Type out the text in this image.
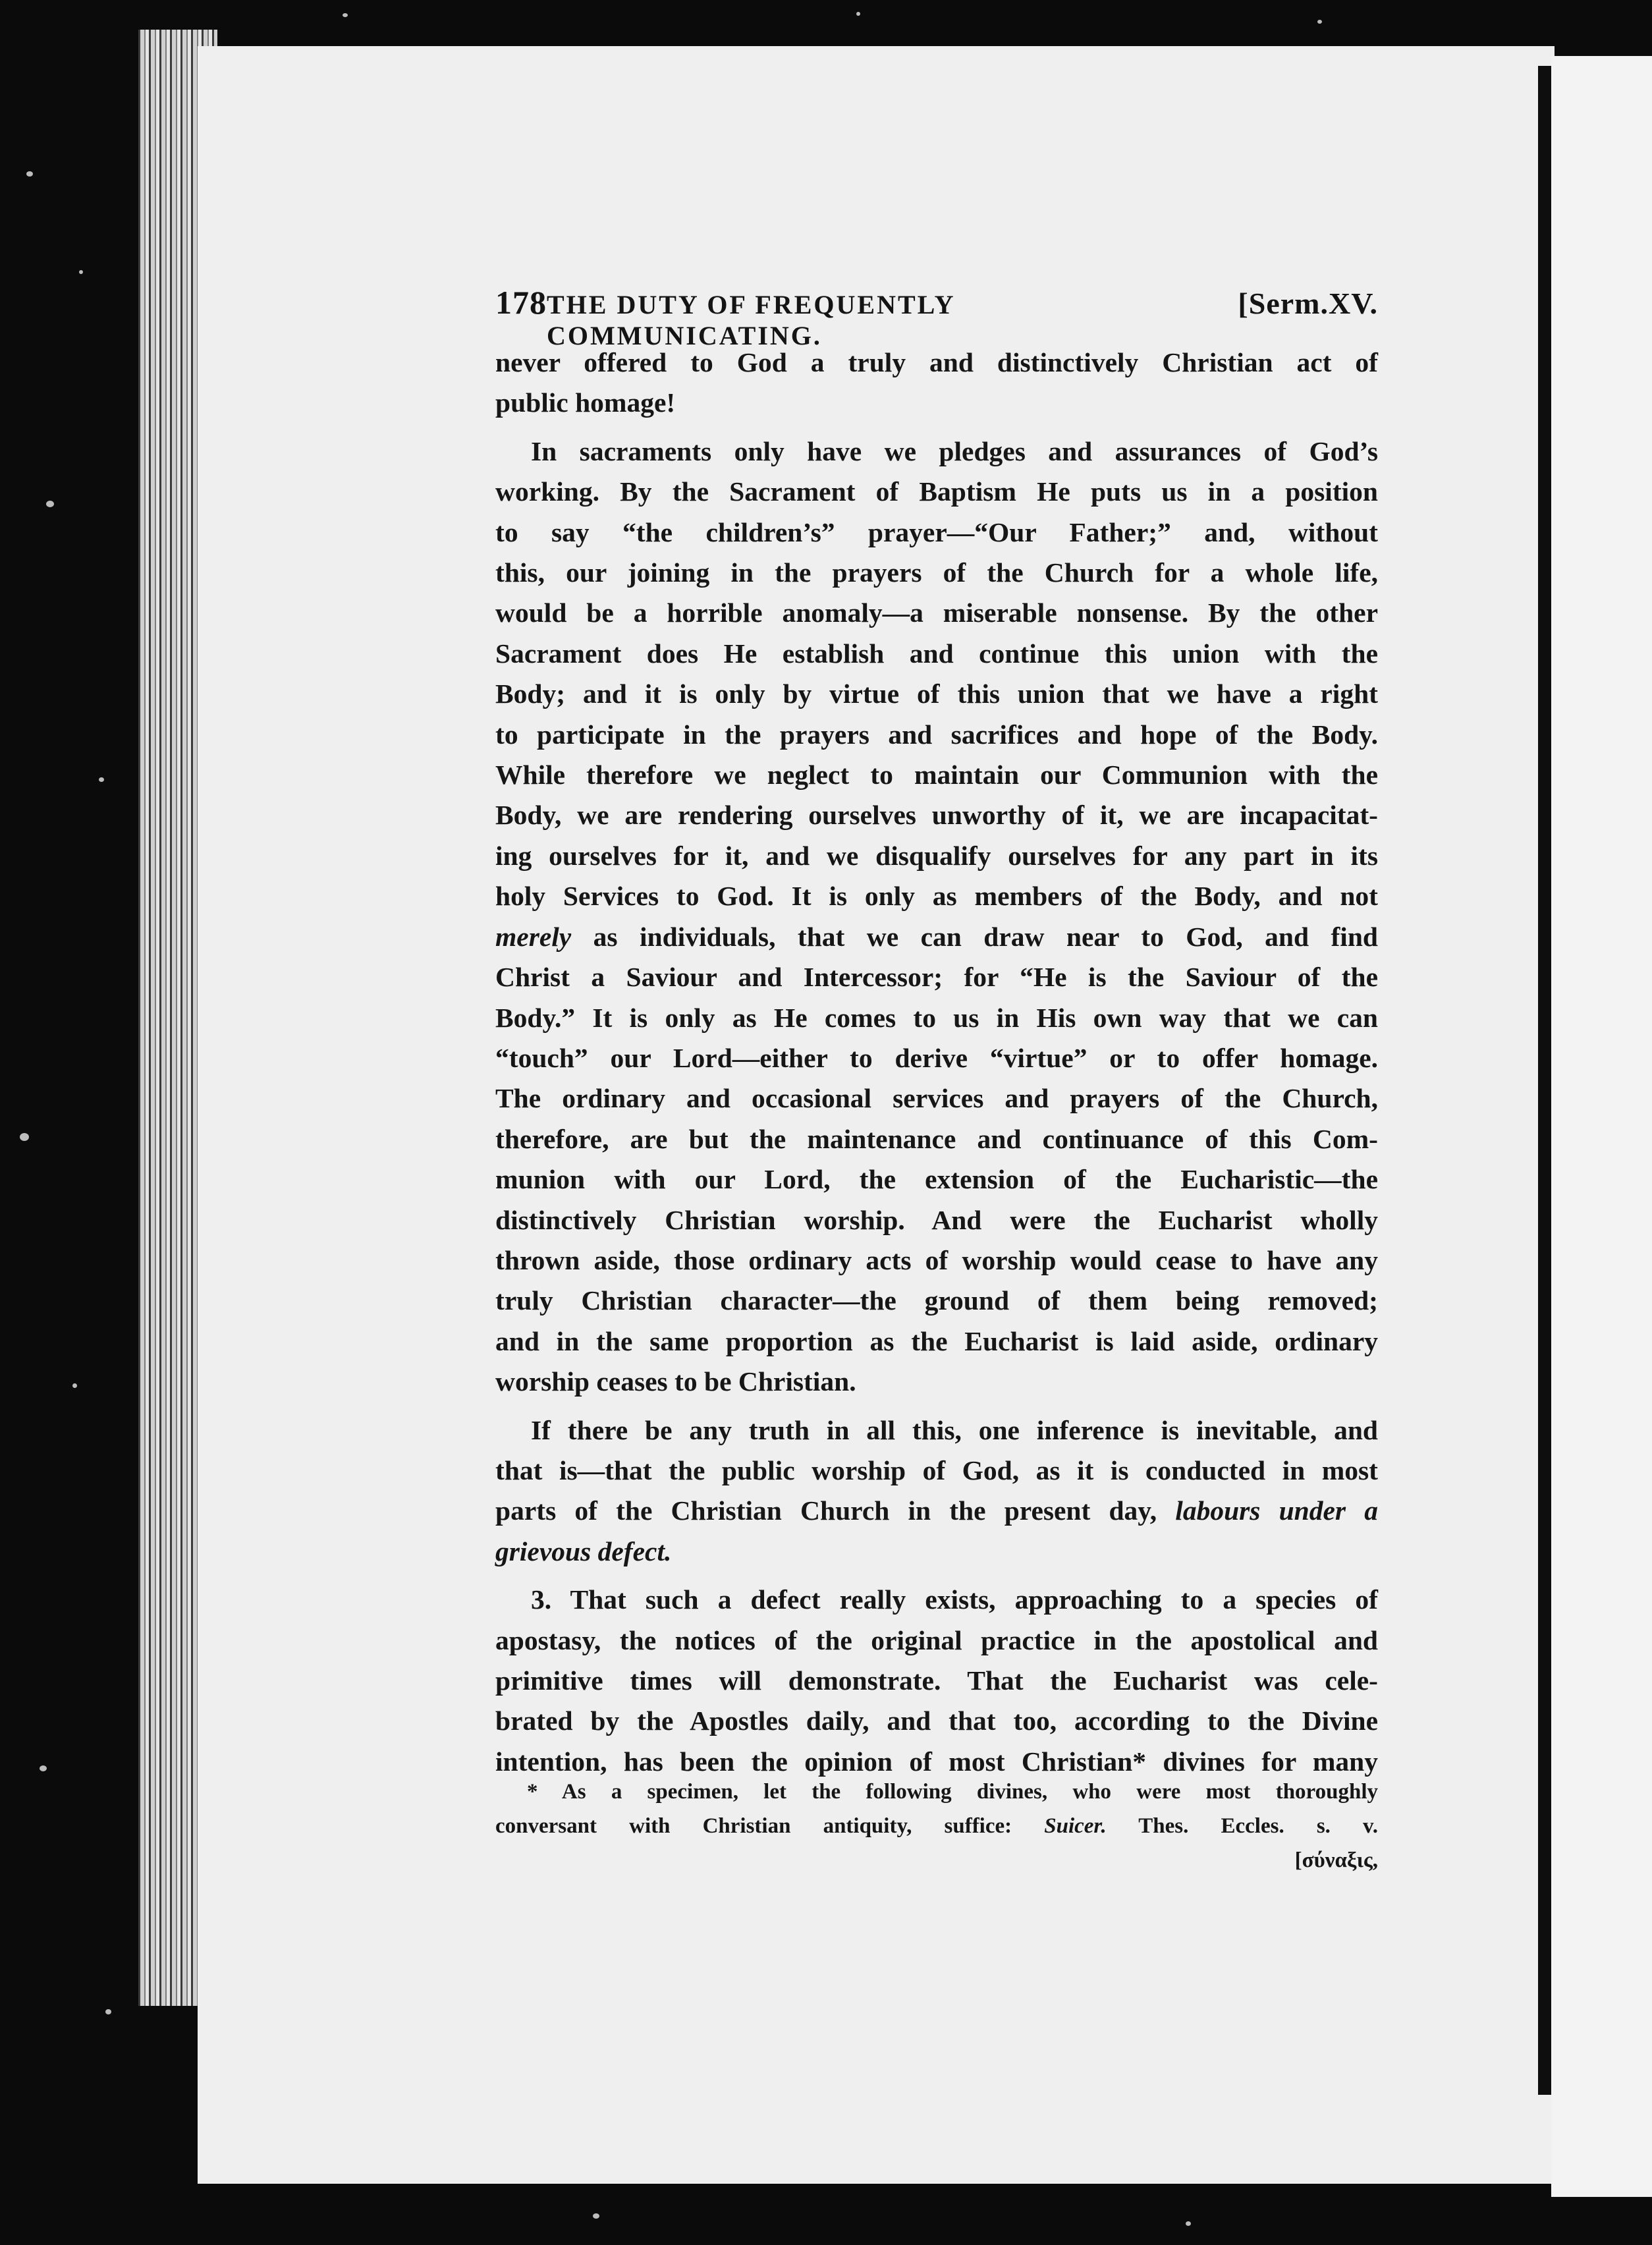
178 THE DUTY OF FREQUENTLY COMMUNICATING.
[Serm.XV.
never offered to God a truly and distinctively Christian act of
public homage!
In sacraments only have we pledges and assurances of God’s
working. By the Sacrament of Baptism He puts us in a position
to say “the children’s” prayer—“Our Father;” and, without
this, our joining in the prayers of the Church for a whole life,
would be a horrible anomaly—a miserable nonsense. By the other
Sacrament does He establish and continue this union with the
Body; and it is only by virtue of this union that we have a right
to participate in the prayers and sacrifices and hope of the Body.
While therefore we neglect to maintain our Communion with the
Body, we are rendering ourselves unworthy of it, we are incapacitat-
ing ourselves for it, and we disqualify ourselves for any part in its
holy Services to God. It is only as members of the Body, and not
merely as individuals, that we can draw near to God, and find
Christ a Saviour and Intercessor; for “He is the Saviour of the
Body.” It is only as He comes to us in His own way that we can
“touch” our Lord—either to derive “virtue” or to offer homage.
The ordinary and occasional services and prayers of the Church,
therefore, are but the maintenance and continuance of this Com-
munion with our Lord, the extension of the Eucharistic—the
distinctively Christian worship. And were the Eucharist wholly
thrown aside, those ordinary acts of worship would cease to have any
truly Christian character—the ground of them being removed;
and in the same proportion as the Eucharist is laid aside, ordinary
worship ceases to be Christian.
If there be any truth in all this, one inference is inevitable, and
that is—that the public worship of God, as it is conducted in most
parts of the Christian Church in the present day, labours under a
grievous defect.
3. That such a defect really exists, approaching to a species of
apostasy, the notices of the original practice in the apostolical and
primitive times will demonstrate. That the Eucharist was cele-
brated by the Apostles daily, and that too, according to the Divine
intention, has been the opinion of most Christian* divines for many
* As a specimen, let the following divines, who were most thoroughly
conversant with Christian antiquity, suffice: Suicer. Thes. Eccles. s. v.
[σύναξις,
